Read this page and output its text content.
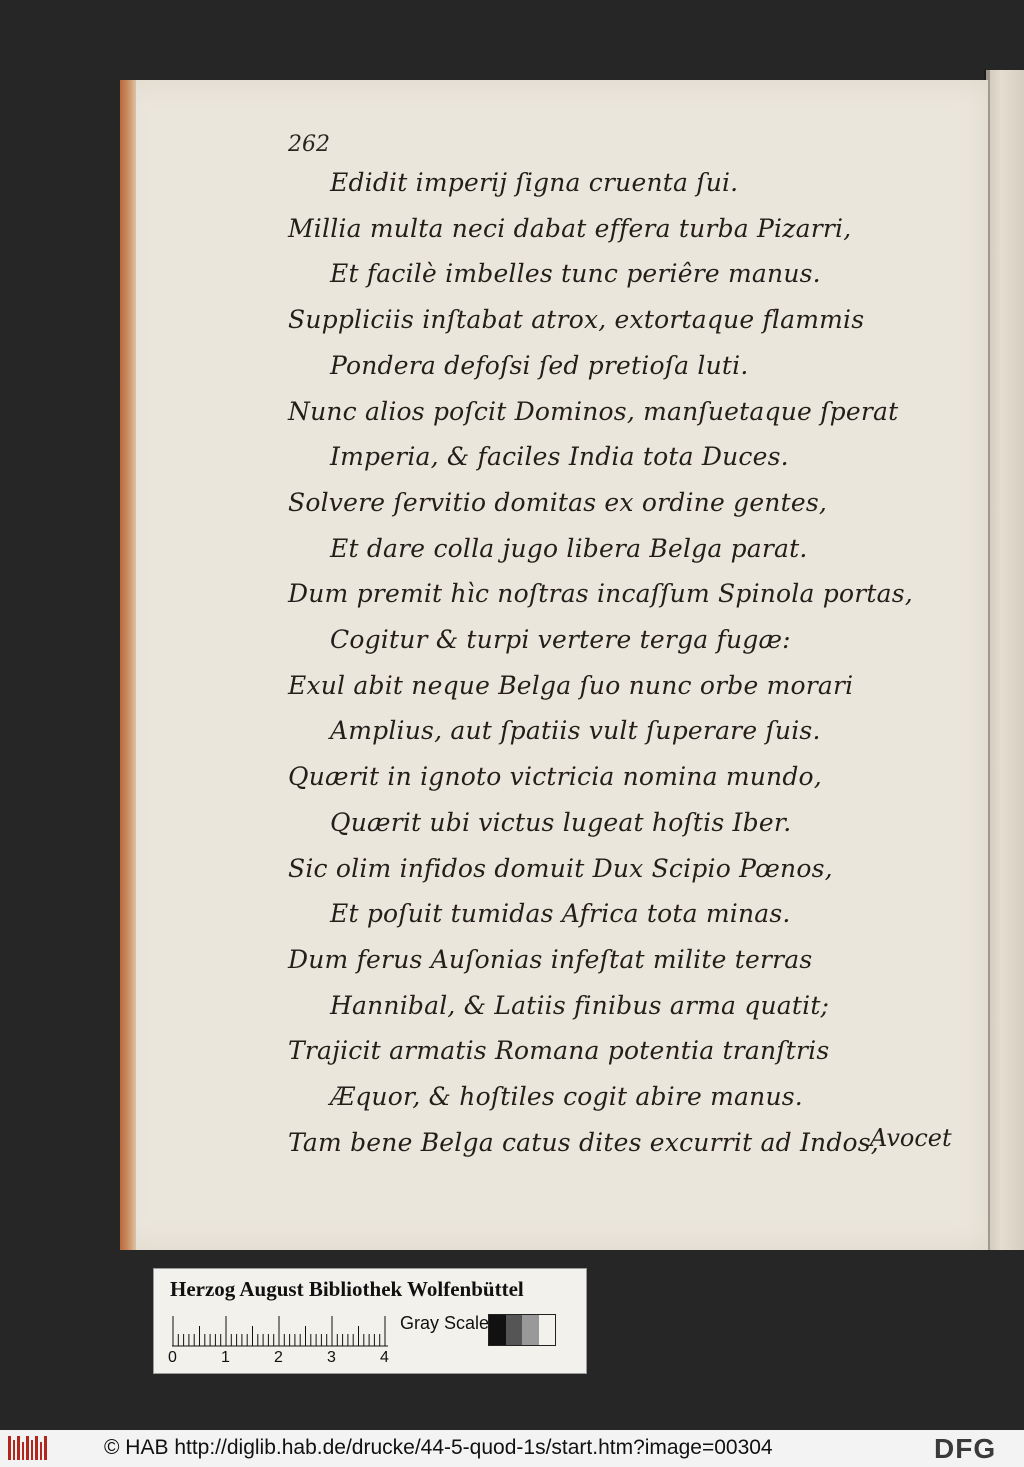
262
Edidit imperij ſigna cruenta ſui.
Millia multa neci dabat effera turba Pizarri,
Et facilè imbelles tunc periêre manus.
Suppliciis inſtabat atrox, extortaque flammis
Pondera defoſsi ſed pretioſa luti.
Nunc alios poſcit Dominos, manſuetaque ſperat
Imperia, & faciles India tota Duces.
Solvere ſervitio domitas ex ordine gentes,
Et dare colla jugo libera Belga parat.
Dum premit hìc noſtras incaſſum Spinola portas,
Cogitur & turpi vertere terga fugæ:
Exul abit neque Belga ſuo nunc orbe morari
Amplius, aut ſpatiis vult ſuperare ſuis.
Quærit in ignoto victricia nomina mundo,
Quærit ubi victus lugeat hoſtis Iber.
Sic olim infidos domuit Dux Scipio Pœnos,
Et poſuit tumidas Africa tota minas.
Dum ferus Auſonias infeſtat milite terras
Hannibal, & Latiis finibus arma quatit;
Trajicit armatis Romana potentia tranſtris
Æquor, & hoſtiles cogit abire manus.
Tam bene Belga catus dites excurrit ad Indos,
Avocet
Herzog August Bibliothek Wolfenbüttel
0	1	2	3	4
Gray Scale
© HAB http://diglib.hab.de/drucke/44-5-quod-1s/start.htm?image=00304	DFG
